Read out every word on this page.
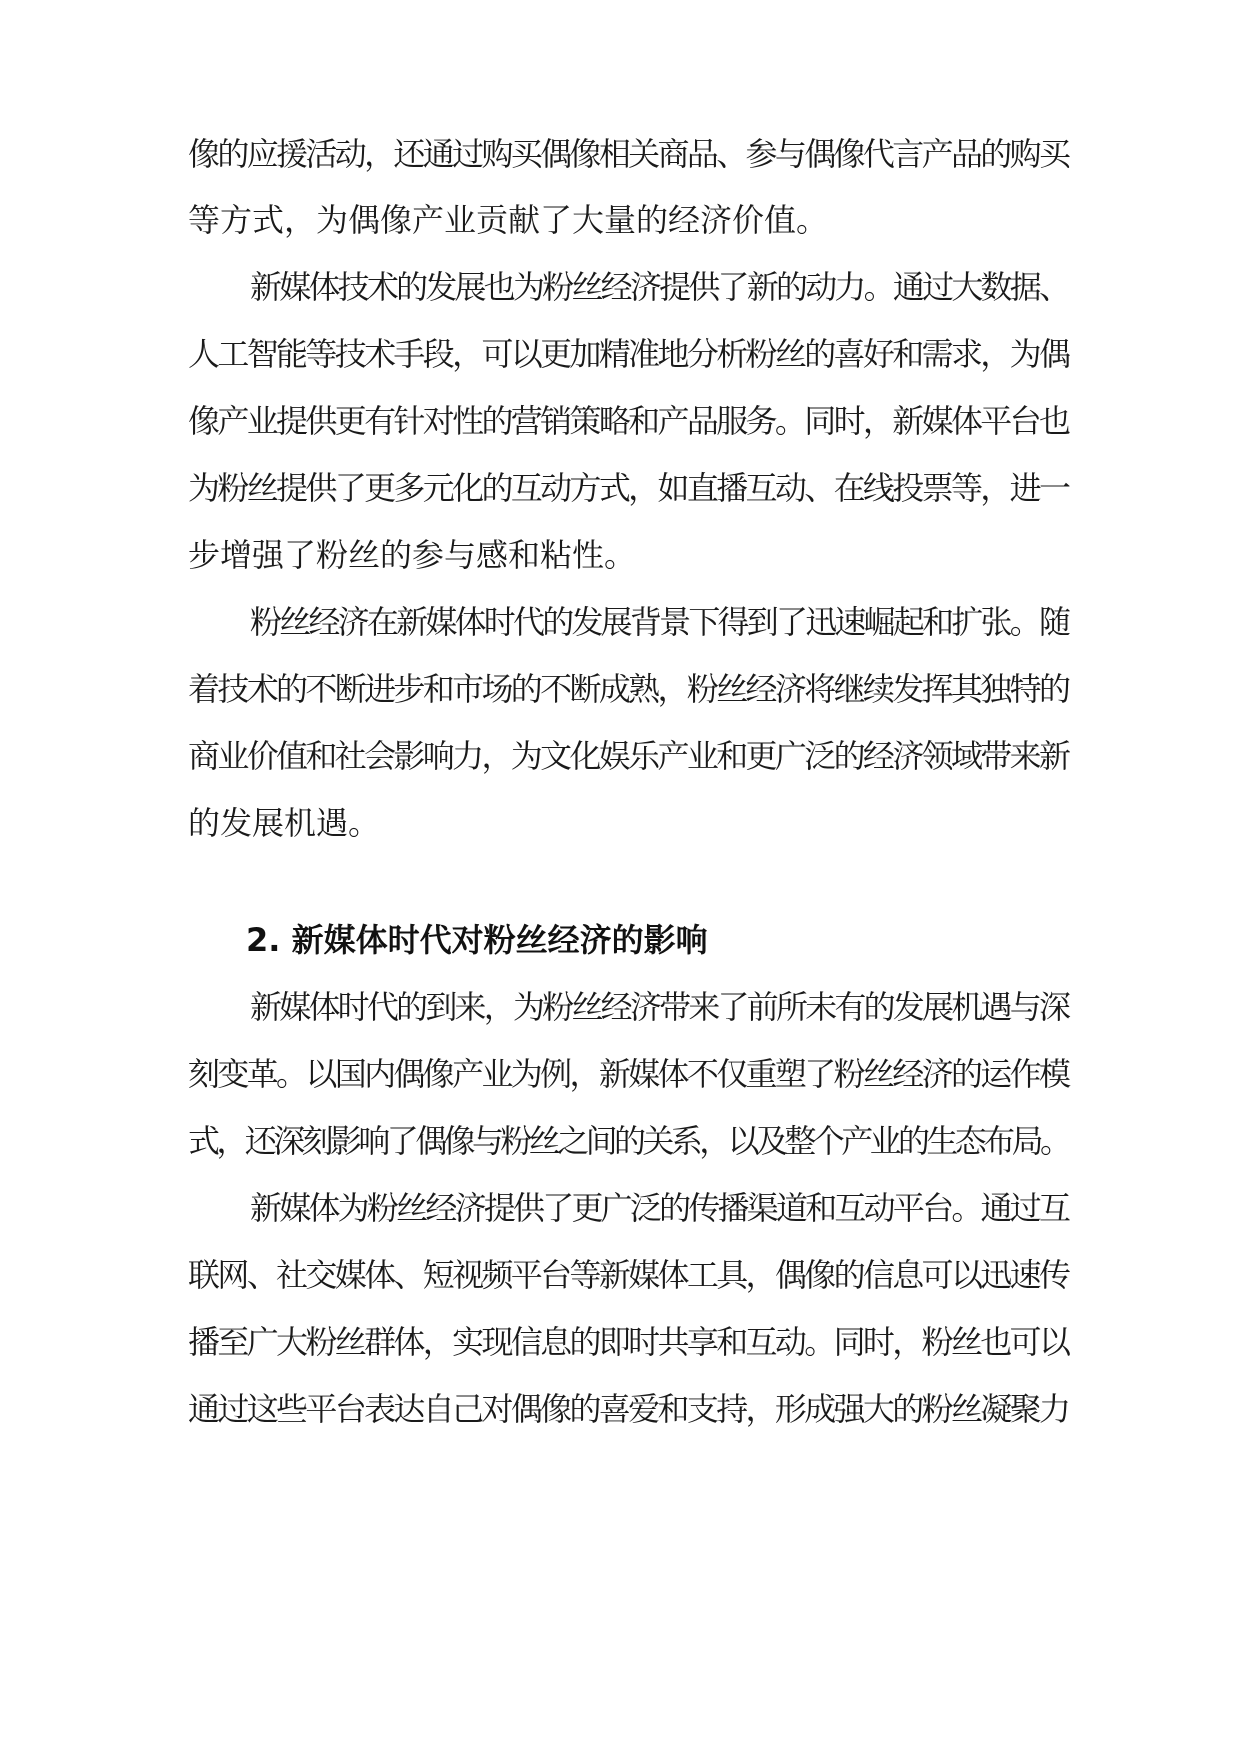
像的应援活动，还通过购买偶像相关商品、参与偶像代言产品的购买
等方式，为偶像产业贡献了大量的经济价值。
新媒体技术的发展也为粉丝经济提供了新的动力。通过大数据、
人工智能等技术手段，可以更加精准地分析粉丝的喜好和需求，为偶
像产业提供更有针对性的营销策略和产品服务。同时，新媒体平台也
为粉丝提供了更多元化的互动方式，如直播互动、在线投票等，进一
步增强了粉丝的参与感和粘性。
粉丝经济在新媒体时代的发展背景下得到了迅速崛起和扩张。随
着技术的不断进步和市场的不断成熟，粉丝经济将继续发挥其独特的
商业价值和社会影响力，为文化娱乐产业和更广泛的经济领域带来新
的发展机遇。
2. 新媒体时代对粉丝经济的影响
新媒体时代的到来，为粉丝经济带来了前所未有的发展机遇与深
刻变革。以国内偶像产业为例，新媒体不仅重塑了粉丝经济的运作模
式，还深刻影响了偶像与粉丝之间的关系，以及整个产业的生态布局。
新媒体为粉丝经济提供了更广泛的传播渠道和互动平台。通过互
联网、社交媒体、短视频平台等新媒体工具，偶像的信息可以迅速传
播至广大粉丝群体，实现信息的即时共享和互动。同时，粉丝也可以
通过这些平台表达自己对偶像的喜爱和支持，形成强大的粉丝凝聚力
